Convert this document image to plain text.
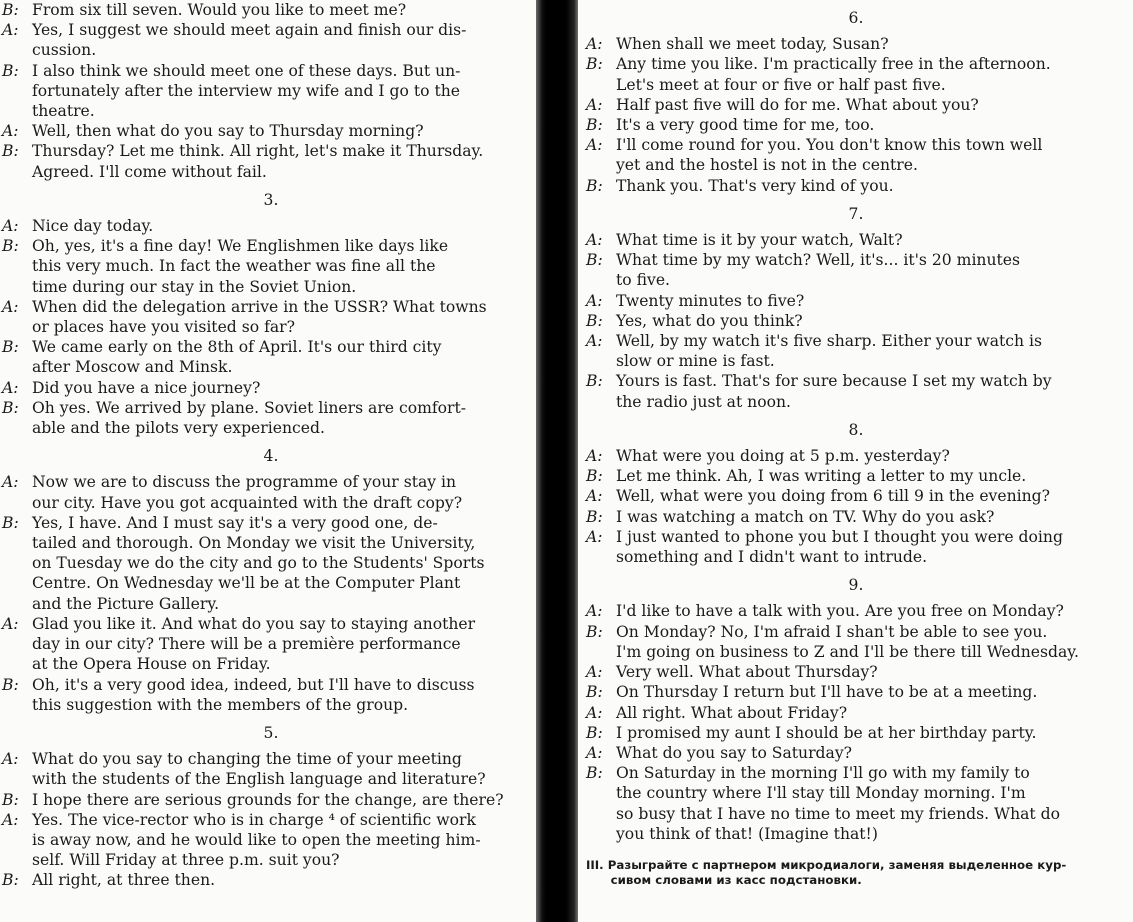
B: From six till seven. Would you like to meet me?
A: Yes, I suggest we should meet again and finish our dis-
cussion.
B: I also think we should meet one of these days. But un-
fortunately after the interview my wife and I go to the
theatre.
A: Well, then what do you say to Thursday morning?
B: Thursday? Let me think. All right, let's make it Thursday.
Agreed. I'll come without fail.
3.
A: Nice day today.
B: Oh, yes, it's a fine day! We Englishmen like days like
this very much. In fact the weather was fine all the
time during our stay in the Soviet Union.
A: When did the delegation arrive in the USSR? What towns
or places have you visited so far?
B: We came early on the 8th of April. It's our third city
after Moscow and Minsk.
A: Did you have a nice journey?
B: Oh yes. We arrived by plane. Soviet liners are comfort-
able and the pilots very experienced.
4.
A: Now we are to discuss the programme of your stay in
our city. Have you got acquainted with the draft copy?
B: Yes, I have. And I must say it's a very good one, de-
tailed and thorough. On Monday we visit the University,
on Tuesday we do the city and go to the Students' Sports
Centre. On Wednesday we'll be at the Computer Plant
and the Picture Gallery.
A: Glad you like it. And what do you say to staying another
day in our city? There will be a première performance
at the Opera House on Friday.
B: Oh, it's a very good idea, indeed, but I'll have to discuss
this suggestion with the members of the group.
5.
A: What do you say to changing the time of your meeting
with the students of the English language and literature?
B: I hope there are serious grounds for the change, are there?
A: Yes. The vice-rector who is in charge ⁴ of scientific work
is away now, and he would like to open the meeting him-
self. Will Friday at three p.m. suit you?
B: All right, at three then.
6.
A: When shall we meet today, Susan?
B: Any time you like. I'm practically free in the afternoon.
Let's meet at four or five or half past five.
A: Half past five will do for me. What about you?
B: It's a very good time for me, too.
A: I'll come round for you. You don't know this town well
yet and the hostel is not in the centre.
B: Thank you. That's very kind of you.
7.
A: What time is it by your watch, Walt?
B: What time by my watch? Well, it's... it's 20 minutes
to five.
A: Twenty minutes to five?
B: Yes, what do you think?
A: Well, by my watch it's five sharp. Either your watch is
slow or mine is fast.
B: Yours is fast. That's for sure because I set my watch by
the radio just at noon.
8.
A: What were you doing at 5 p.m. yesterday?
B: Let me think. Ah, I was writing a letter to my uncle.
A: Well, what were you doing from 6 till 9 in the evening?
B: I was watching a match on TV. Why do you ask?
A: I just wanted to phone you but I thought you were doing
something and I didn't want to intrude.
9.
A: I'd like to have a talk with you. Are you free on Monday?
B: On Monday? No, I'm afraid I shan't be able to see you.
I'm going on business to Z and I'll be there till Wednesday.
A: Very well. What about Thursday?
B: On Thursday I return but I'll have to be at a meeting.
A: All right. What about Friday?
B: I promised my aunt I should be at her birthday party.
A: What do you say to Saturday?
B: On Saturday in the morning I'll go with my family to
the country where I'll stay till Monday morning. I'm
so busy that I have no time to meet my friends. What do
you think of that! (Imagine that!)
III. Разыграйте с партнером микродиалоги, заменяя выделенное кур-
сивом словами из касс подстановки.
